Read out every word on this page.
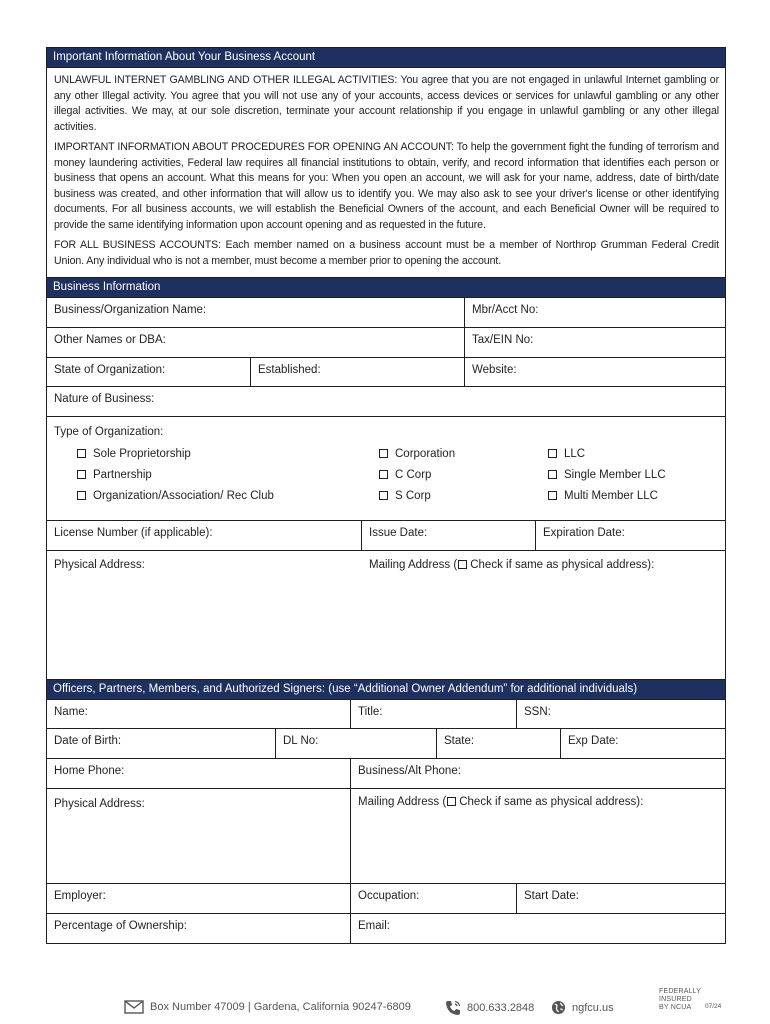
Important Information About Your Business Account

UNLAWFUL INTERNET GAMBLING AND OTHER ILLEGAL ACTIVITIES: You agree that you are not engaged in unlawful Internet gambling or any other Illegal activity. You agree that you will not use any of your accounts, access devices or services for unlawful gambling or any other illegal activities. We may, at our sole discretion, terminate your account relationship if you engage in unlawful gambling or any other illegal activities.

IMPORTANT INFORMATION ABOUT PROCEDURES FOR OPENING AN ACCOUNT: To help the government fight the funding of terrorism and money laundering activities, Federal law requires all financial institutions to obtain, verify, and record information that identifies each person or business that opens an account. What this means for you: When you open an account, we will ask for your name, address, date of birth/date business was created, and other information that will allow us to identify you. We may also ask to see your driver's license or other identifying documents. For all business accounts, we will establish the Beneficial Owners of the account, and each Beneficial Owner will be required to provide the same identifying information upon account opening and as requested in the future.

FOR ALL BUSINESS ACCOUNTS: Each member named on a business account must be a member of Northrop Grumman Federal Credit Union. Any individual who is not a member, must become a member prior to opening the account.

Business Information
Business/Organization Name:	Mbr/Acct No:
Other Names or DBA:	Tax/EIN No:
State of Organization:	Established:	Website:
Nature of Business:
Type of Organization:
Sole Proprietorship	Corporation	LLC
Partnership	C Corp	Single Member LLC
Organization/Association/ Rec Club	S Corp	Multi Member LLC
License Number (if applicable):	Issue Date:	Expiration Date:
Physical Address:	Mailing Address ( Check if same as physical address):
Officers, Partners, Members, and Authorized Signers: (use “Additional Owner Addendum” for additional individuals)
Name:	Title:	SSN:
Date of Birth:	DL No:	State:	Exp Date:
Home Phone:	Business/Alt Phone:
Physical Address:	Mailing Address ( Check if same as physical address):
Employer:	Occupation:	Start Date:
Percentage of Ownership:	Email:
Box Number 47009 | Gardena, California 90247-6809	800.633.2848	ngfcu.us
FEDERALLY
INSURED
BY NCUA	07/24
